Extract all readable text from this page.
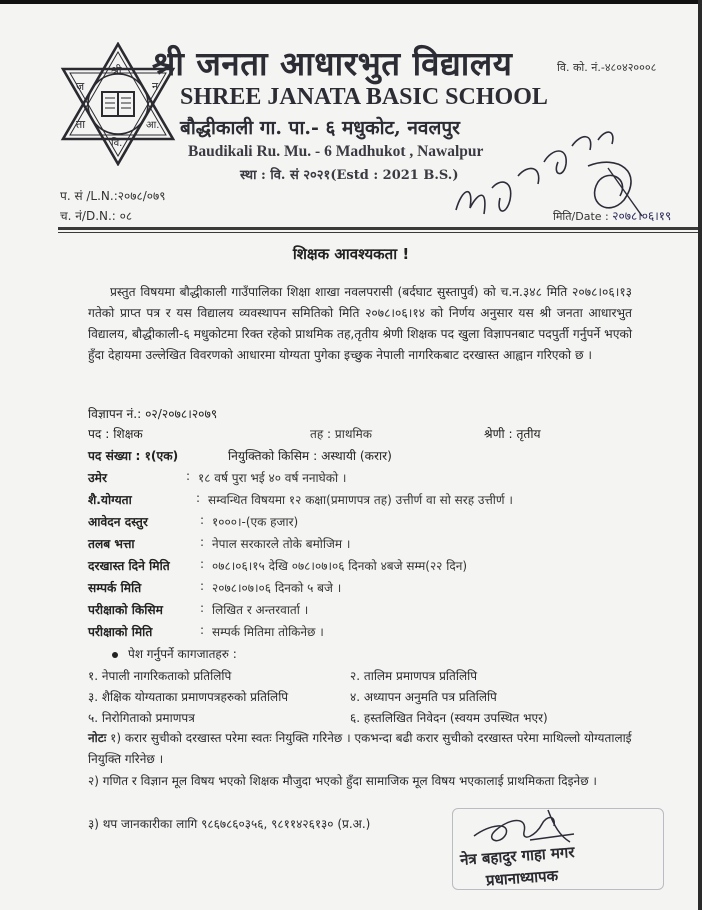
श्री
ज	न
ता	आ.
वि.
श्री जनता आधारभुत विद्यालय
SHREE JANATA BASIC SCHOOL
बौद्धीकाली गा. पा.- ६ मधुकोट, नवलपुर
Baudikali Ru. Mu. - 6 Madhukot , Nawalpur
स्था : वि. सं २०२१(Estd : 2021 B.S.)
वि. को. नं.-४८०४२०००८
प. सं /L.N.:२०७८/०७९
च. नं/D.N.: ०८	मिति/Date : २०७८।०६।१९
शिक्षक आवश्यकता !
प्रस्तुत विषयमा बौद्धीकाली गाउँपालिका शिक्षा शाखा नवलपरासी (बर्दघाट सुस्तापुर्व) को च.न.३४८ मिति २०७८।०६।१३ गतेको प्राप्त पत्र र यस विद्यालय व्यवस्थापन समितिको मिति २०७८।०६।१४ को निर्णय अनुसार यस श्री जनता आधारभुत विद्यालय, बौद्धीकाली-६ मधुकोटमा रिक्त रहेको प्राथमिक तह,तृतीय श्रेणी शिक्षक पद खुला विज्ञापनबाट पदपुर्ती गर्नुपर्ने भएको हुँदा देहायमा उल्लेखित विवरणको आधारमा योग्यता पुगेका इच्छुक नेपाली नागरिकबाट दरखास्त आह्वान गरिएको छ ।
विज्ञापन नं.: ०२/२०७८।२०७९
पद : शिक्षक	तह : प्राथमिक	श्रेणी : तृतीय
पद संख्या : १(एक)	नियुक्तिको किसिम : अस्थायी (करार)
उमेर	: १८ वर्ष पुरा भई ४० वर्ष ननाघेको ।
शै.योग्यता	: सम्वन्धित विषयमा १२ कक्षा(प्रमाणपत्र तह) उत्तीर्ण वा सो सरह उत्तीर्ण ।
आवेदन दस्तुर	: १०००।-(एक हजार)
तलब भत्ता	: नेपाल सरकारले तोके बमोजिम ।
दरखास्त दिने मिति	: ०७८।०६।१५ देखि ०७८।०७।०६ दिनको ४बजे सम्म(२२ दिन)
सम्पर्क मिति	: २०७८।०७।०६ दिनको ५ बजे ।
परीक्षाको किसिम	: लिखित र अन्तरवार्ता ।
परीक्षाको मिति	: सम्पर्क मितिमा तोकिनेछ ।
पेश गर्नुपर्ने कागजातहरु :
१. नेपाली नागरिकताको प्रतिलिपि	२. तालिम प्रमाणपत्र प्रतिलिपि
३. शैक्षिक योग्यताका प्रमाणपत्रहरुको प्रतिलिपि	४. अध्यापन अनुमति पत्र प्रतिलिपि
५. निरोगिताको प्रमाणपत्र	६. हस्तलिखित निवेदन (स्वयम उपस्थित भएर)
नोटः १) करार सुचीको दरखास्त परेमा स्वतः नियुक्ति गरिनेछ । एकभन्दा बढी करार सुचीको दरखास्त परेमा माथिल्लो योग्यतालाई नियुक्ति गरिनेछ ।
२) गणित र विज्ञान मूल विषय भएको शिक्षक मौजुदा भएको हुँदा सामाजिक मूल विषय भएकालाई प्राथमिकता दिइनेछ ।
३) थप जानकारीका लागि ९८६७८६०३५६, ९८११४२६१३० (प्र.अ.)
नेत्र बहादुर गाहा मगर
प्रधानाध्यापक
